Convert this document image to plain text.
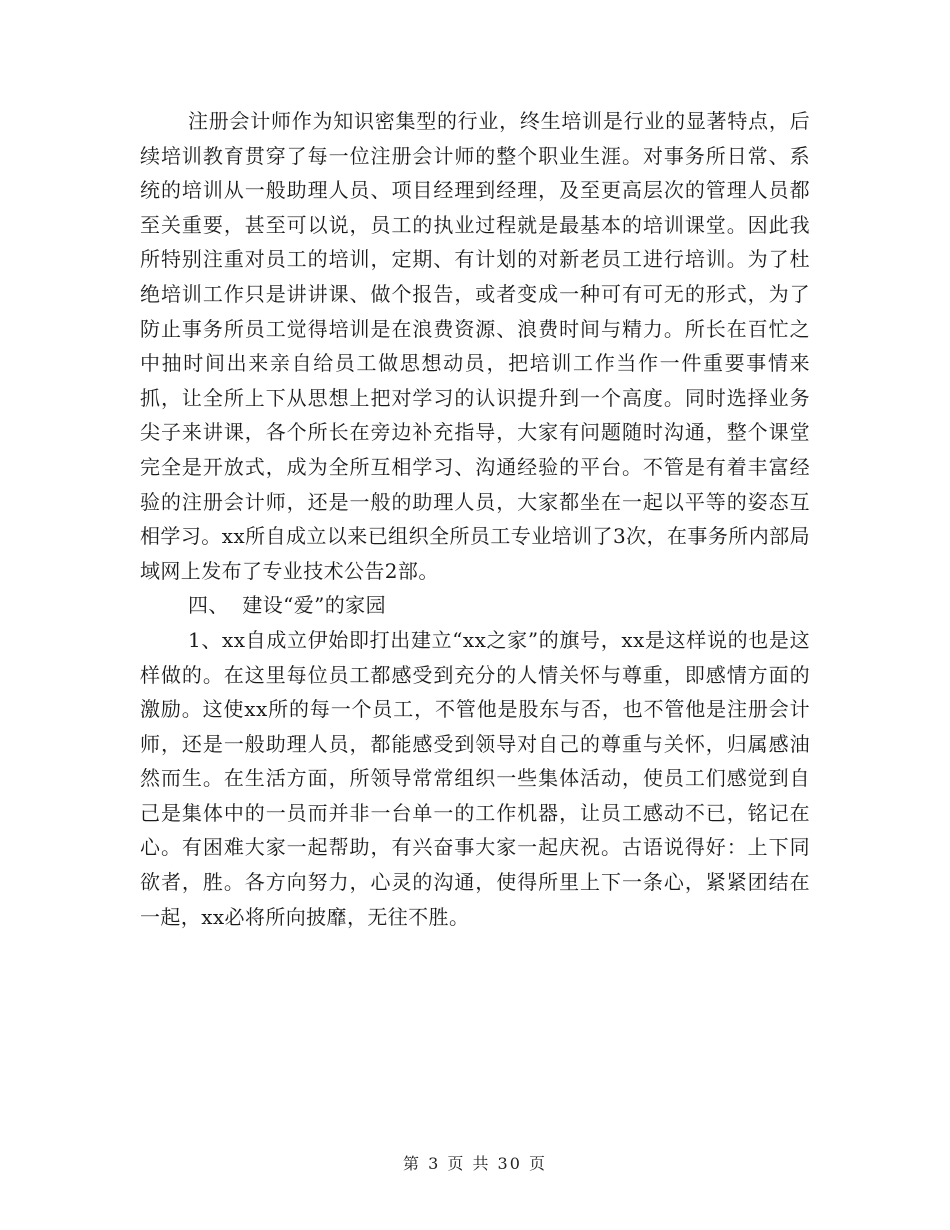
注册会计师作为知识密集型的行业，终生培训是行业的显著特点，后续培训教育贯穿了每一位注册会计师的整个职业生涯。对事务所日常、系统的培训从一般助理人员、项目经理到经理，及至更高层次的管理人员都至关重要，甚至可以说，员工的执业过程就是最基本的培训课堂。因此我所特别注重对员工的培训，定期、有计划的对新老员工进行培训。为了杜绝培训工作只是讲讲课、做个报告，或者变成一种可有可无的形式，为了防止事务所员工觉得培训是在浪费资源、浪费时间与精力。所长在百忙之中抽时间出来亲自给员工做思想动员，把培训工作当作一件重要事情来抓，让全所上下从思想上把对学习的认识提升到一个高度。同时选择业务尖子来讲课，各个所长在旁边补充指导，大家有问题随时沟通，整个课堂完全是开放式，成为全所互相学习、沟通经验的平台。不管是有着丰富经验的注册会计师，还是一般的助理人员，大家都坐在一起以平等的姿态互相学习。xx所自成立以来已组织全所员工专业培训了3次，在事务所内部局域网上发布了专业技术公告2部。

四、  建设“爱”的家园

1、xx自成立伊始即打出建立“xx之家”的旗号，xx是这样说的也是这样做的。在这里每位员工都感受到充分的人情关怀与尊重，即感情方面的激励。这使xx所的每一个员工，不管他是股东与否，也不管他是注册会计师，还是一般助理人员，都能感受到领导对自己的尊重与关怀，归属感油然而生。在生活方面，所领导常常组织一些集体活动，使员工们感觉到自己是集体中的一员而并非一台单一的工作机器，让员工感动不已，铭记在心。有困难大家一起帮助，有兴奋事大家一起庆祝。古语说得好：上下同欲者，胜。各方向努力，心灵的沟通，使得所里上下一条心，紧紧团结在一起，xx必将所向披靡，无往不胜。

第 3 页 共 30 页
